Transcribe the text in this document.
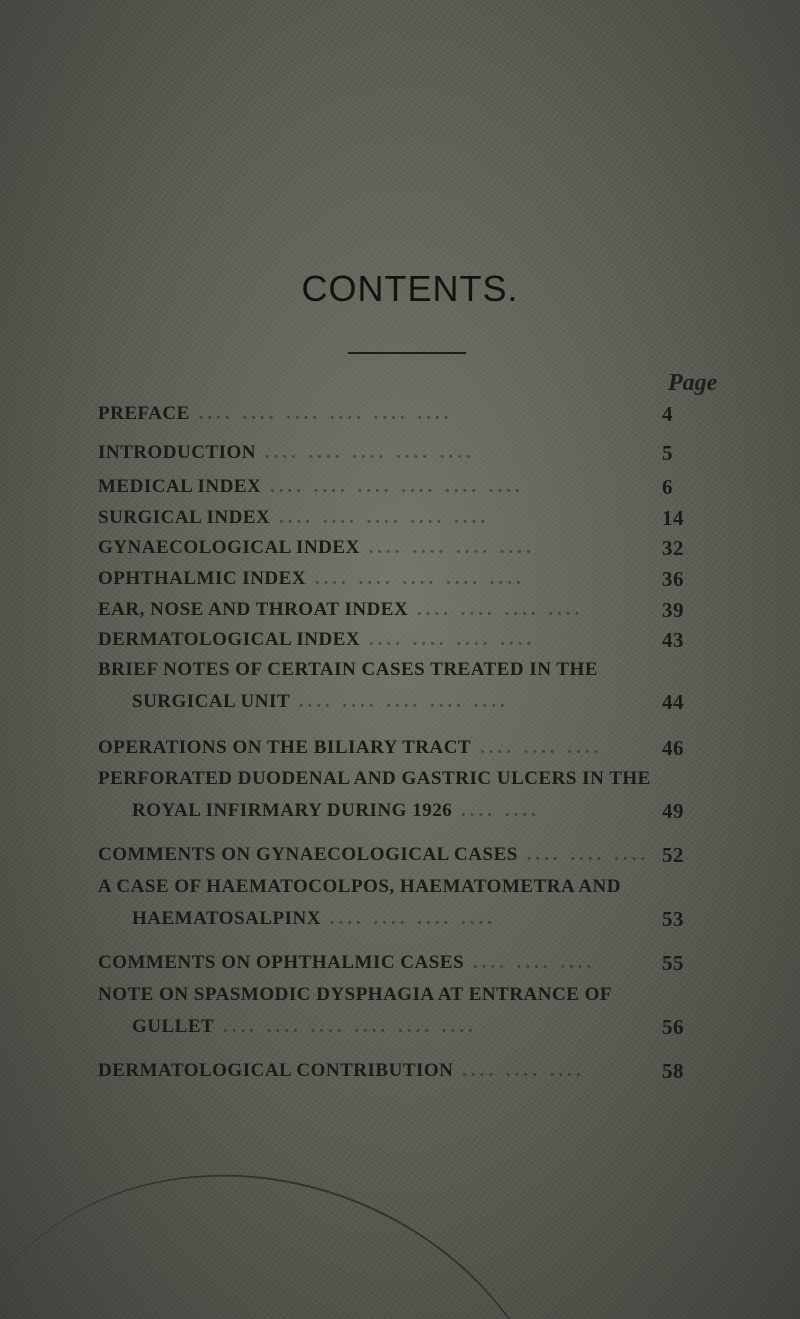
CONTENTS.
Page
PREFACE .... .... .... .... .... ....	4
INTRODUCTION .... .... .... .... ....	5
MEDICAL INDEX .... .... .... .... .... ....	6
SURGICAL INDEX .... .... .... .... ....	14
GYNAECOLOGICAL INDEX .... .... .... ....	32
OPHTHALMIC INDEX .... .... .... .... ....	36
EAR, NOSE AND THROAT INDEX .... .... .... ....	39
DERMATOLOGICAL INDEX .... .... .... ....	43
BRIEF NOTES OF CERTAIN CASES TREATED IN THE
SURGICAL UNIT .... .... .... .... ....	44
OPERATIONS ON THE BILIARY TRACT .... .... ....	46
PERFORATED DUODENAL AND GASTRIC ULCERS IN THE
ROYAL INFIRMARY DURING 1926 .... ....	49
COMMENTS ON GYNAECOLOGICAL CASES .... .... .... 52
A CASE OF HAEMATOCOLPOS, HAEMATOMETRA AND
HAEMATOSALPINX .... .... .... ....	53
COMMENTS ON OPHTHALMIC CASES .... .... ....	55
NOTE ON SPASMODIC DYSPHAGIA AT ENTRANCE OF
GULLET .... .... .... .... .... ....	56
DERMATOLOGICAL CONTRIBUTION .... .... ....	58
